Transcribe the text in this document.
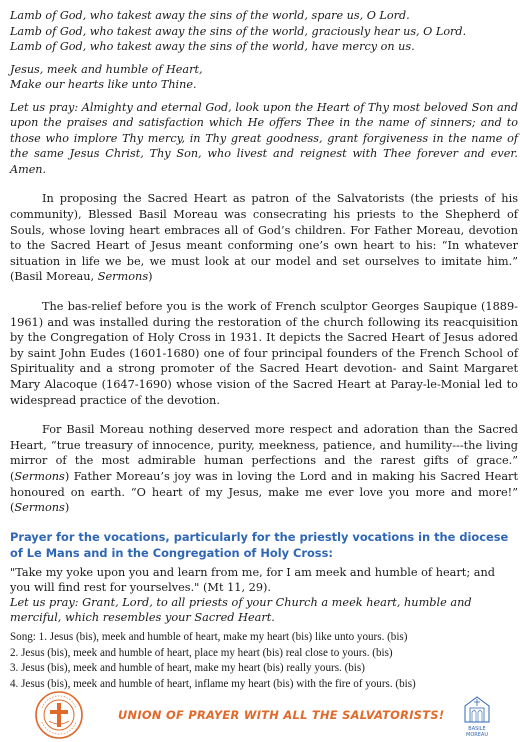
Lamb of God, who takest away the sins of the world, spare us, O Lord.

Lamb of God, who takest away the sins of the world, graciously hear us, O Lord.

Lamb of God, who takest away the sins of the world, have mercy on us.

Jesus, meek and humble of Heart,

Make our hearts like unto Thine.

Let us pray: Almighty and eternal God, look upon the Heart of Thy most beloved Son and upon the praises and satisfaction which He offers Thee in the name of sinners; and to those who implore Thy mercy, in Thy great goodness, grant forgiveness in the name of the same Jesus Christ, Thy Son, who livest and reignest with Thee forever and ever. Amen.

In proposing the Sacred Heart as patron of the Salvatorists (the priests of his community), Blessed Basil Moreau was consecrating his priests to the Shepherd of Souls, whose loving heart embraces all of God’s children. For Father Moreau, devotion to the Sacred Heart of Jesus meant conforming one’s own heart to his: “In whatever situation in life we be, we must look at our model and set ourselves to imitate him.” (Basil Moreau, Sermons)

The bas-relief before you is the work of French sculptor Georges Saupique (1889-1961) and was installed during the restoration of the church following its reacquisition by the Congregation of Holy Cross in 1931. It depicts the Sacred Heart of Jesus adored by saint John Eudes (1601-1680) one of four principal founders of the French School of Spirituality and a strong promoter of the Sacred Heart devotion- and Saint Margaret Mary Alacoque (1647-1690) whose vision of the Sacred Heart at Paray-le-Monial led to widespread practice of the devotion.

For Basil Moreau nothing deserved more respect and adoration than the Sacred Heart, “true treasury of innocence, purity, meekness, patience, and humility---the living mirror of the most admirable human perfections and the rarest gifts of grace.” (Sermons) Father Moreau’s joy was in loving the Lord and in making his Sacred Heart honoured on earth. “O heart of my Jesus, make me ever love you more and more!” (Sermons)

Prayer for the vocations, particularly for the priestly vocations in the diocese of Le Mans and in the Congregation of Holy Cross:

"Take my yoke upon you and learn from me, for I am meek and humble of heart; and you will find rest for yourselves." (Mt 11, 29).

Let us pray: Grant, Lord, to all priests of your Church a meek heart, humble and merciful, which resembles your Sacred Heart.

Song: 1. Jesus (bis), meek and humble of heart, make my heart (bis) like unto yours. (bis)

2. Jesus (bis), meek and humble of heart, place my heart (bis) real close to yours. (bis)

3. Jesus (bis), meek and humble of heart, make my heart (bis) really yours. (bis)

4. Jesus (bis), meek and humble of heart, inflame my heart (bis) with the fire of yours. (bis)

UNION OF PRAYER WITH ALL THE SALVATORISTS!
BASILE
MOREAU
